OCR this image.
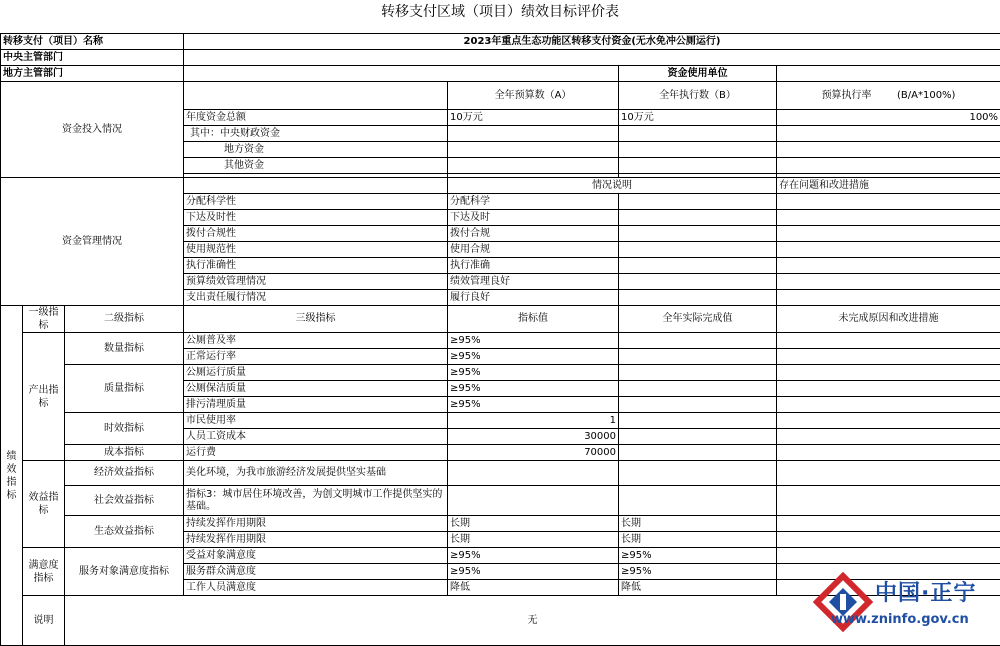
转移支付区域（项目）绩效目标评价表
转移支付（项目）名称			2023年重点生态功能区转移支付资金(无水免冲公厕运行)			
中央主管部门						
地方主管部门					资金使用单位	
资金投入情况				全年预算数（A）	全年执行数（B）	预算执行率 (B/A*100%)
			年度资金总额	10万元	10万元	100%
			其中：中央财政资金			
			地方资金			
			其他资金			

资金管理情况				情况说明		存在问题和改进措施
			分配科学性	分配科学		
			下达及时性	下达及时		
			拨付合规性	拨付合规		
			使用规范性	使用合规		
			执行准确性	执行准确		
			预算绩效管理情况	绩效管理良好		
			支出责任履行情况	履行良好		
绩效指标	一级指标	二级指标	三级指标	指标值	全年实际完成值	未完成原因和改进措施
	产出指标	数量指标	公厕普及率	≥95%		
			正常运行率	≥95%		
		质量指标	公厕运行质量	≥95%		
			公厕保洁质量	≥95%		
			排污清理质量	≥95%		
		时效指标	市民使用率	1		
			人员工资成本	30000		
		成本指标	运行费	70000		
	效益指标	经济效益指标	美化环境，为我市旅游经济发展提供坚实基础			
		社会效益指标	指标3：城市居住环境改善，为创文明城市工作提供坚实的基础。			
		生态效益指标	持续发挥作用期限	长期	长期	
			持续发挥作用期限	长期	长期	
	满意度指标	服务对象满意度指标	受益对象满意度	≥95%	≥95%	
			服务群众满意度	≥95%	≥95%	
			工作人员满意度	降低	降低	
	说明	无				
中国·正宁
www.zninfo.gov.cn
